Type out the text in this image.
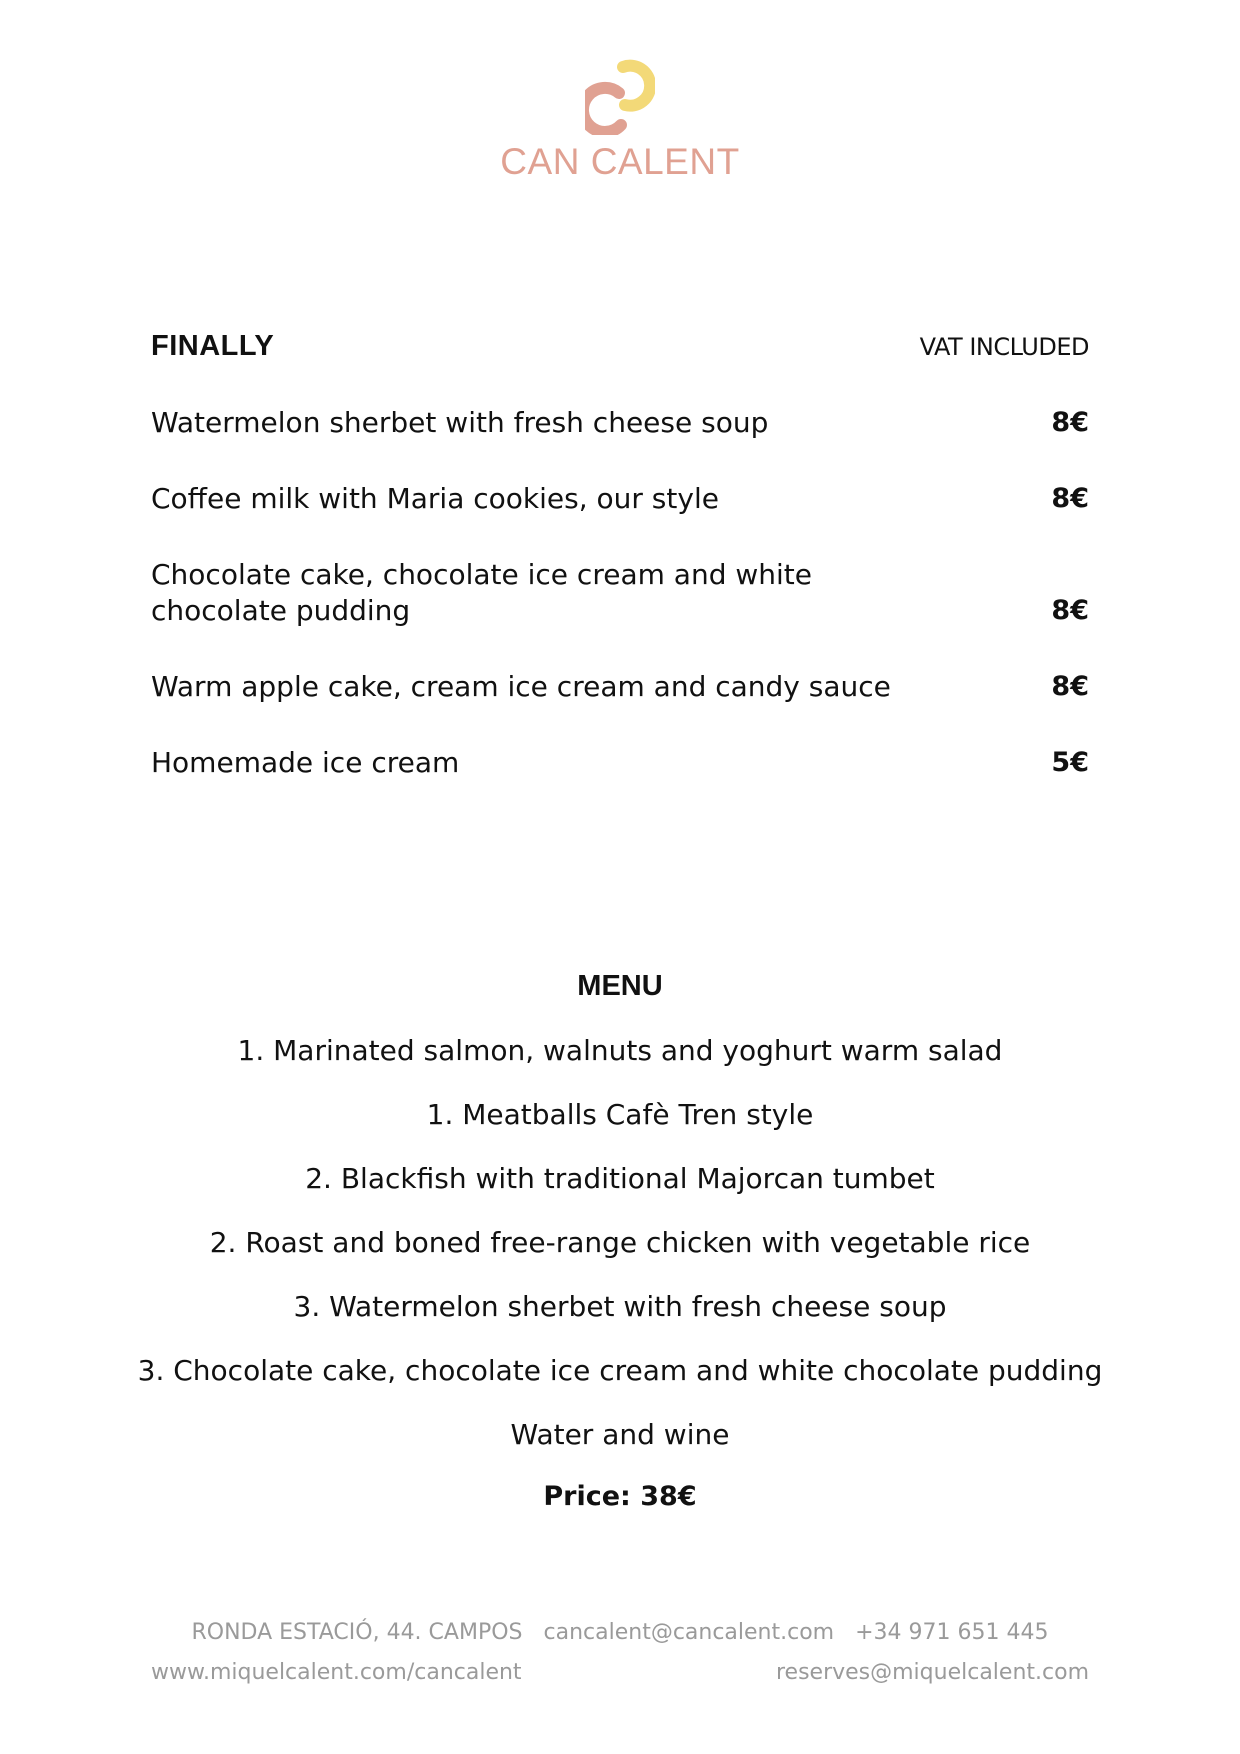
CAN CALENT
FINALLY	VAT INCLUDED
Watermelon sherbet with fresh cheese soup	8€
Coffee milk with Maria cookies, our style	8€
Chocolate cake, chocolate ice cream and white chocolate pudding	8€
Warm apple cake, cream ice cream and candy sauce	8€
Homemade ice cream	5€
MENU
1. Marinated salmon, walnuts and yoghurt warm salad
1. Meatballs Cafè Tren style
2. Blackfish with traditional Majorcan tumbet
2. Roast and boned free-range chicken with vegetable rice
3. Watermelon sherbet with fresh cheese soup
3. Chocolate cake, chocolate ice cream and white chocolate pudding
Water and wine
Price: 38€
RONDA ESTACIÓ, 44. CAMPOS cancalent@cancalent.com +34 971 651 445
www.miquelcalent.com/cancalent	reserves@miquelcalent.com
